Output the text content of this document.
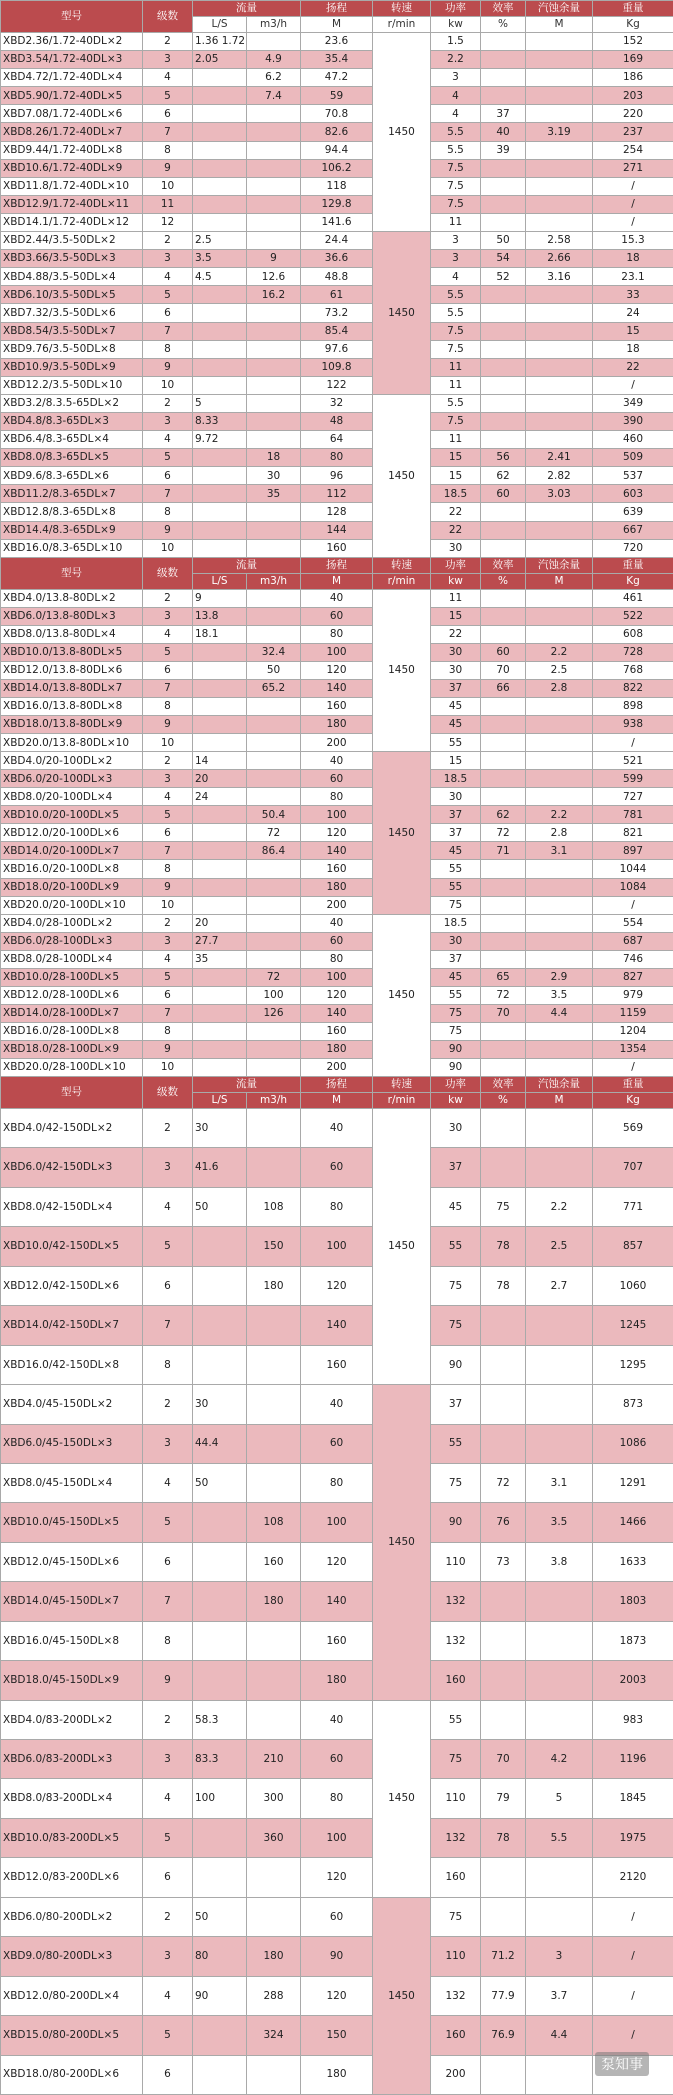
型号	级数	流量		扬程	转速	功率	效率	汽蚀余量	重量
		L/S	m3/h	M	r/min	kw	%	M	Kg
XBD2.36/1.72-40DL×2	2	1.36 1.72		23.6	1450	1.5			152
XBD3.54/1.72-40DL×3	3	2.05	4.9	35.4		2.2			169
XBD4.72/1.72-40DL×4	4		6.2	47.2		3			186
XBD5.90/1.72-40DL×5	5		7.4	59		4			203
XBD7.08/1.72-40DL×6	6			70.8		4	37		220
XBD8.26/1.72-40DL×7	7			82.6		5.5	40	3.19	237
XBD9.44/1.72-40DL×8	8			94.4		5.5	39		254
XBD10.6/1.72-40DL×9	9			106.2		7.5			271
XBD11.8/1.72-40DL×10	10			118		7.5			/
XBD12.9/1.72-40DL×11	11			129.8		7.5			/
XBD14.1/1.72-40DL×12	12			141.6		11			/
XBD2.44/3.5-50DL×2	2	2.5		24.4	1450	3	50	2.58	15.3
XBD3.66/3.5-50DL×3	3	3.5	9	36.6		3	54	2.66	18
XBD4.88/3.5-50DL×4	4	4.5	12.6	48.8		4	52	3.16	23.1
XBD6.10/3.5-50DL×5	5		16.2	61		5.5			33
XBD7.32/3.5-50DL×6	6			73.2		5.5			24
XBD8.54/3.5-50DL×7	7			85.4		7.5			15
XBD9.76/3.5-50DL×8	8			97.6		7.5			18
XBD10.9/3.5-50DL×9	9			109.8		11			22
XBD12.2/3.5-50DL×10	10			122		11			/
XBD3.2/8.3.5-65DL×2	2	5		32	1450	5.5			349
XBD4.8/8.3-65DL×3	3	8.33		48		7.5			390
XBD6.4/8.3-65DL×4	4	9.72		64		11			460
XBD8.0/8.3-65DL×5	5		18	80		15	56	2.41	509
XBD9.6/8.3-65DL×6	6		30	96		15	62	2.82	537
XBD11.2/8.3-65DL×7	7		35	112		18.5	60	3.03	603
XBD12.8/8.3-65DL×8	8			128		22			639
XBD14.4/8.3-65DL×9	9			144		22			667
XBD16.0/8.3-65DL×10	10			160		30			720
型号	级数	流量		扬程	转速	功率	效率	汽蚀余量	重量
		L/S	m3/h	M	r/min	kw	%	M	Kg
XBD4.0/13.8-80DL×2	2	9		40	1450	11			461
XBD6.0/13.8-80DL×3	3	13.8		60		15			522
XBD8.0/13.8-80DL×4	4	18.1		80		22			608
XBD10.0/13.8-80DL×5	5		32.4	100		30	60	2.2	728
XBD12.0/13.8-80DL×6	6		50	120		30	70	2.5	768
XBD14.0/13.8-80DL×7	7		65.2	140		37	66	2.8	822
XBD16.0/13.8-80DL×8	8			160		45			898
XBD18.0/13.8-80DL×9	9			180		45			938
XBD20.0/13.8-80DL×10	10			200		55			/
XBD4.0/20-100DL×2	2	14		40	1450	15			521
XBD6.0/20-100DL×3	3	20		60		18.5			599
XBD8.0/20-100DL×4	4	24		80		30			727
XBD10.0/20-100DL×5	5		50.4	100		37	62	2.2	781
XBD12.0/20-100DL×6	6		72	120		37	72	2.8	821
XBD14.0/20-100DL×7	7		86.4	140		45	71	3.1	897
XBD16.0/20-100DL×8	8			160		55			1044
XBD18.0/20-100DL×9	9			180		55			1084
XBD20.0/20-100DL×10	10			200		75			/
XBD4.0/28-100DL×2	2	20		40	1450	18.5			554
XBD6.0/28-100DL×3	3	27.7		60		30			687
XBD8.0/28-100DL×4	4	35		80		37			746
XBD10.0/28-100DL×5	5		72	100		45	65	2.9	827
XBD12.0/28-100DL×6	6		100	120		55	72	3.5	979
XBD14.0/28-100DL×7	7		126	140		75	70	4.4	1159
XBD16.0/28-100DL×8	8			160		75			1204
XBD18.0/28-100DL×9	9			180		90			1354
XBD20.0/28-100DL×10	10			200		90			/
型号	级数	流量		扬程	转速	功率	效率	汽蚀余量	重量
		L/S	m3/h	M	r/min	kw	%	M	Kg
XBD4.0/42-150DL×2	2	30		40	1450	30			569
XBD6.0/42-150DL×3	3	41.6		60		37			707
XBD8.0/42-150DL×4	4	50	108	80		45	75	2.2	771
XBD10.0/42-150DL×5	5		150	100		55	78	2.5	857
XBD12.0/42-150DL×6	6		180	120		75	78	2.7	1060
XBD14.0/42-150DL×7	7			140		75			1245
XBD16.0/42-150DL×8	8			160		90			1295
XBD4.0/45-150DL×2	2	30		40	1450	37			873
XBD6.0/45-150DL×3	3	44.4		60		55			1086
XBD8.0/45-150DL×4	4	50		80		75	72	3.1	1291
XBD10.0/45-150DL×5	5		108	100		90	76	3.5	1466
XBD12.0/45-150DL×6	6		160	120		110	73	3.8	1633
XBD14.0/45-150DL×7	7		180	140		132			1803
XBD16.0/45-150DL×8	8			160		132			1873
XBD18.0/45-150DL×9	9			180		160			2003
XBD4.0/83-200DL×2	2	58.3		40	1450	55			983
XBD6.0/83-200DL×3	3	83.3	210	60		75	70	4.2	1196
XBD8.0/83-200DL×4	4	100	300	80		110	79	5	1845
XBD10.0/83-200DL×5	5		360	100		132	78	5.5	1975
XBD12.0/83-200DL×6	6			120		160			2120
XBD6.0/80-200DL×2	2	50		60	1450	75			/
XBD9.0/80-200DL×3	3	80	180	90		110	71.2	3	/
XBD12.0/80-200DL×4	4	90	288	120		132	77.9	3.7	/
XBD15.0/80-200DL×5	5		324	150		160	76.9	4.4	/
XBD18.0/80-200DL×6	6			180		200			
泵知事
